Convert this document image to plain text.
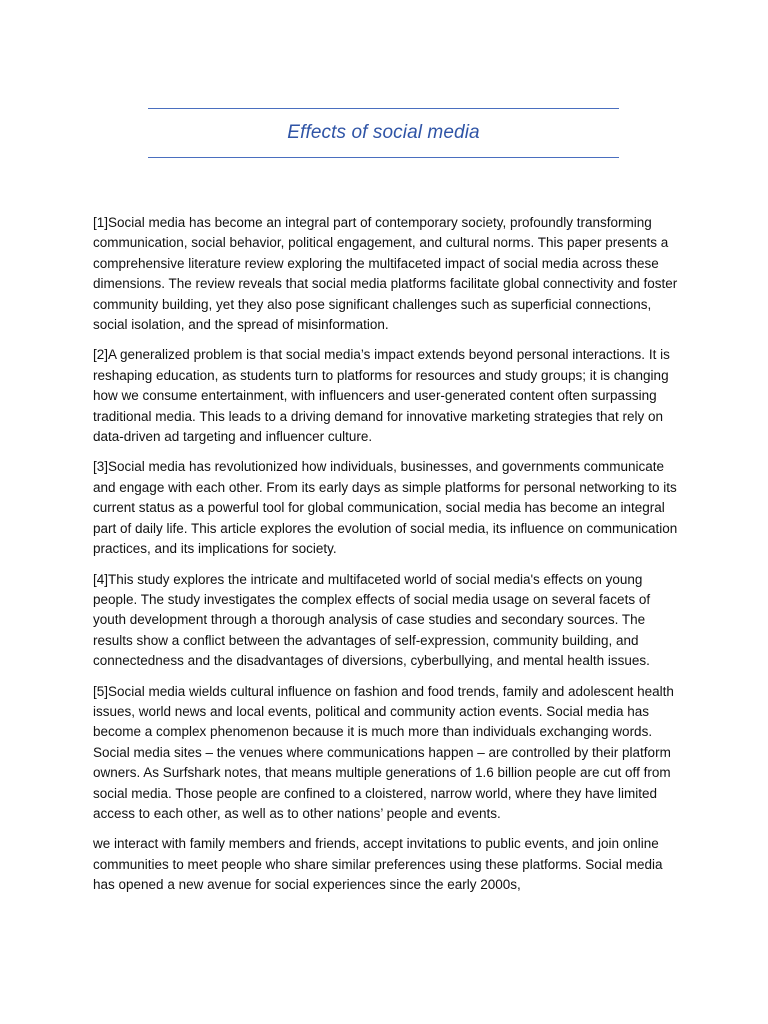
Effects of social media

[1]Social media has become an integral part of contemporary society, profoundly transforming communication, social behavior, political engagement, and cultural norms. This paper presents a comprehensive literature review exploring the multifaceted impact of social media across these dimensions. The review reveals that social media platforms facilitate global connectivity and foster community building, yet they also pose significant challenges such as superficial connections, social isolation, and the spread of misinformation.

[2]A generalized problem is that social media’s impact extends beyond personal interactions. It is reshaping education, as students turn to platforms for resources and study groups; it is changing how we consume entertainment, with influencers and user-generated content often surpassing traditional media. This leads to a driving demand for innovative marketing strategies that rely on data-driven ad targeting and influencer culture.

[3]Social media has revolutionized how individuals, businesses, and governments communicate and engage with each other. From its early days as simple platforms for personal networking to its current status as a powerful tool for global communication, social media has become an integral part of daily life. This article explores the evolution of social media, its influence on communication practices, and its implications for society.

[4]This study explores the intricate and multifaceted world of social media's effects on young people. The study investigates the complex effects of social media usage on several facets of youth development through a thorough analysis of case studies and secondary sources. The results show a conflict between the advantages of self-expression, community building, and connectedness and the disadvantages of diversions, cyberbullying, and mental health issues.

[5]Social media wields cultural influence on fashion and food trends, family and adolescent health issues, world news and local events, political and community action events. Social media has become a complex phenomenon because it is much more than individuals exchanging words. Social media sites – the venues where communications happen – are controlled by their platform owners. As Surfshark notes, that means multiple generations of 1.6 billion people are cut off from social media. Those people are confined to a cloistered, narrow world, where they have limited access to each other, as well as to other nations’ people and events.

we interact with family members and friends, accept invitations to public events, and join online communities to meet people who share similar preferences using these platforms. Social media has opened a new avenue for social experiences since the early 2000s,
